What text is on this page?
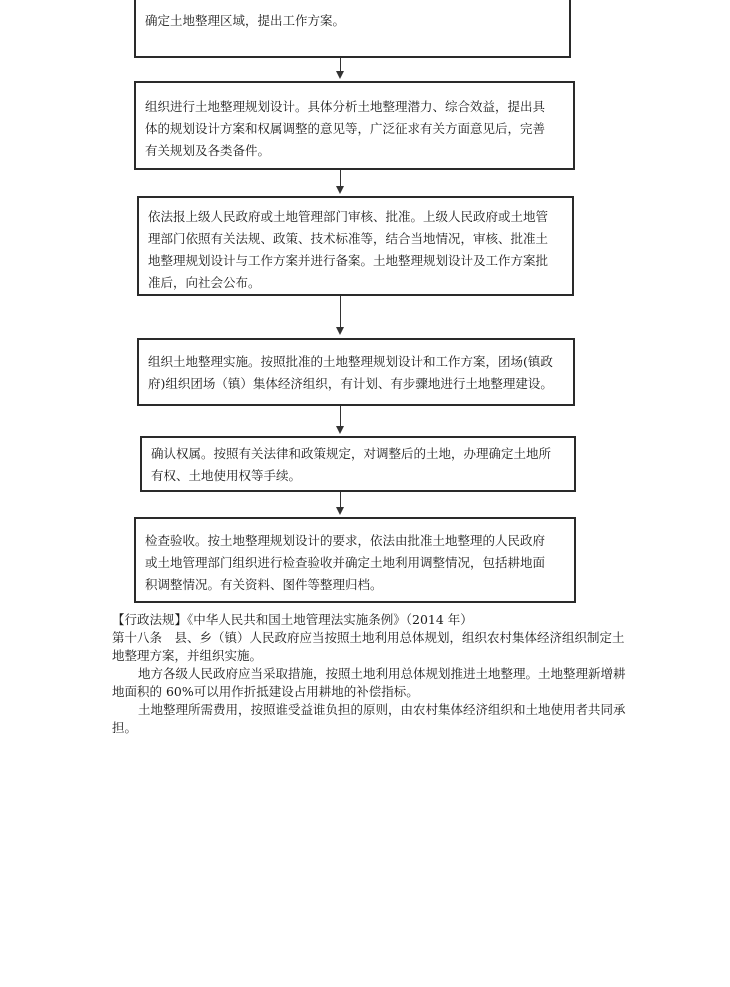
确定土地整理区域，提出工作方案。
组织进行土地整理规划设计。具体分析土地整理潜力、综合效益，提出具
体的规划设计方案和权属调整的意见等，广泛征求有关方面意见后，完善
有关规划及各类备件。
依法报上级人民政府或土地管理部门审核、批准。上级人民政府或土地管
理部门依照有关法规、政策、技术标准等，结合当地情况，审核、批准土
地整理规划设计与工作方案并进行备案。土地整理规划设计及工作方案批
准后，向社会公布。
组织土地整理实施。按照批准的土地整理规划设计和工作方案，团场(镇政
府)组织团场（镇）集体经济组织，有计划、有步骤地进行土地整理建设。
确认权属。按照有关法律和政策规定，对调整后的土地，办理确定土地所
有权、土地使用权等手续。
检查验收。按土地整理规划设计的要求，依法由批准土地整理的人民政府
或土地管理部门组织进行检查验收并确定土地利用调整情况，包括耕地面
积调整情况。有关资料、图件等整理归档。

【行政法规】《中华人民共和国土地管理法实施条例》（2014 年）

第十八条　县、乡（镇）人民政府应当按照土地利用总体规划，组织农村集体经济组织制定土地整理方案，并组织实施。

地方各级人民政府应当采取措施，按照土地利用总体规划推进土地整理。土地整理新增耕地面积的 60%可以用作折抵建设占用耕地的补偿指标。

土地整理所需费用，按照谁受益谁负担的原则，由农村集体经济组织和土地使用者共同承担。
